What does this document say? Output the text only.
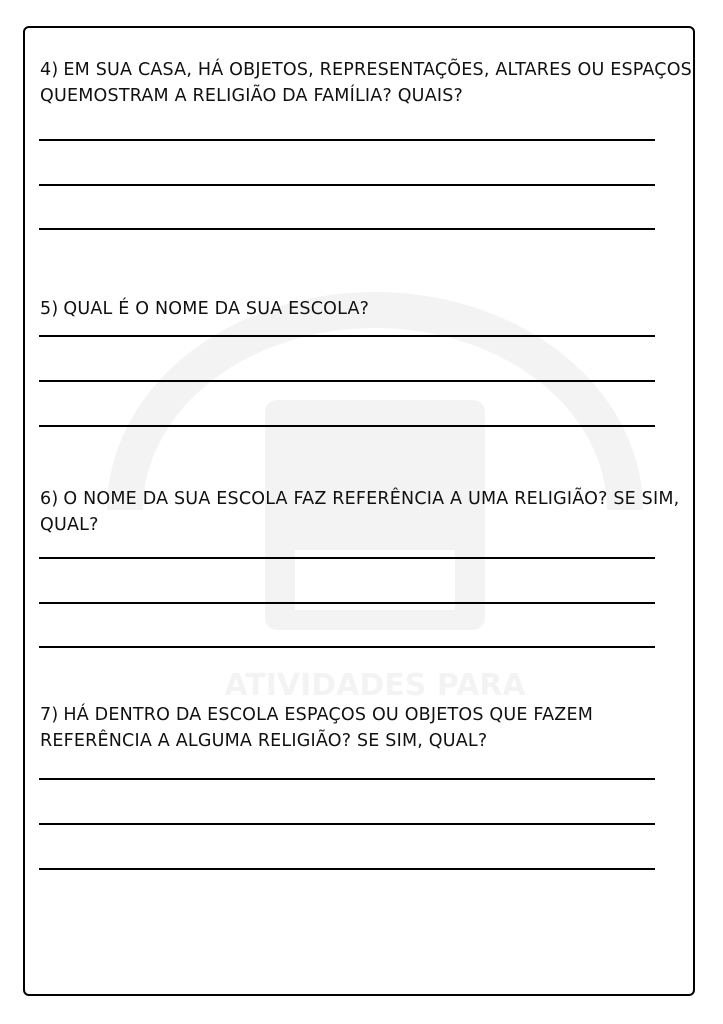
4) EM SUA CASA, HÁ OBJETOS, REPRESENTAÇÕES, ALTARES OU ESPAÇOS QUEMOSTRAM A RELIGIÃO DA FAMÍLIA? QUAIS?
5) QUAL É O NOME DA SUA ESCOLA?
6) O NOME DA SUA ESCOLA FAZ REFERÊNCIA A UMA RELIGIÃO? SE SIM, QUAL?
7) HÁ DENTRO DA ESCOLA ESPAÇOS OU OBJETOS QUE FAZEM REFERÊNCIA A ALGUMA RELIGIÃO? SE SIM, QUAL?
